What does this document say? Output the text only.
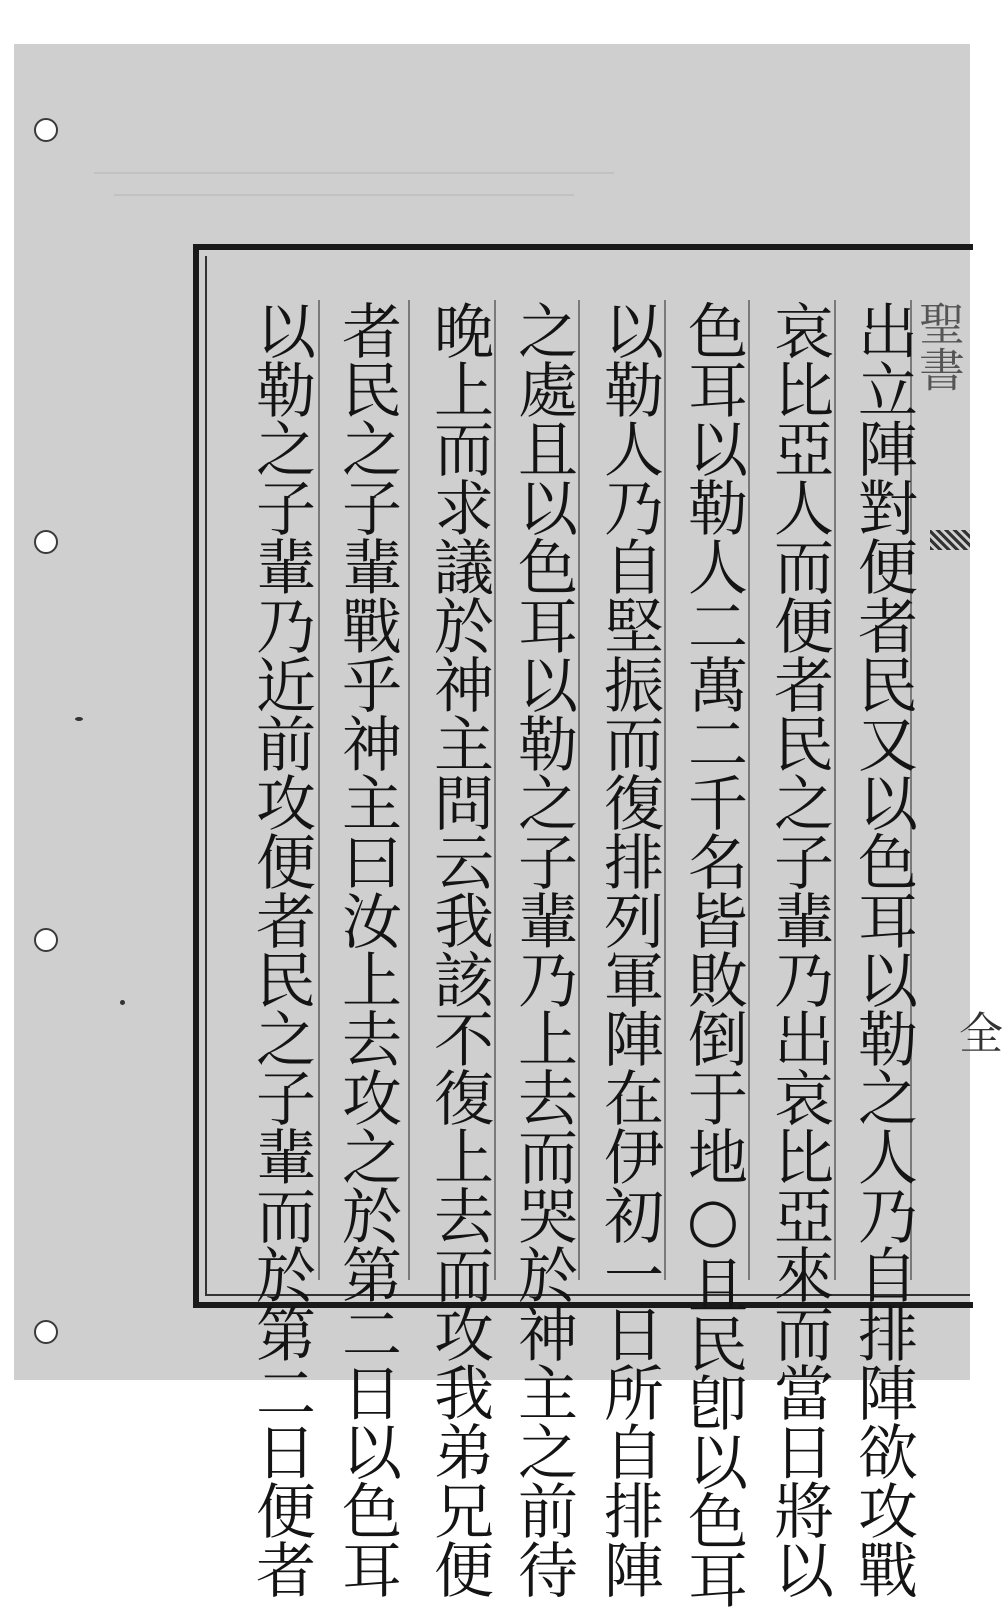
聖書
全
出立陣對便者民又以色耳以勒之人乃自排陣欲攻戰
哀比亞人而便者民之子輩乃出哀比亞來而當日將以
色耳以勒人二萬二千名皆敗倒于地○且民卽以色耳
以勒人乃自堅振而復排列軍陣在伊初一日所自排陣
之處且以色耳以勒之子輩乃上去而哭於神主之前待
晚上而求議於神主問云我該不復上去而攻我弟兄便
者民之子輩戰乎神主曰汝上去攻之於第二日以色耳
以勒之子輩乃近前攻便者民之子輩而於第二日便者
